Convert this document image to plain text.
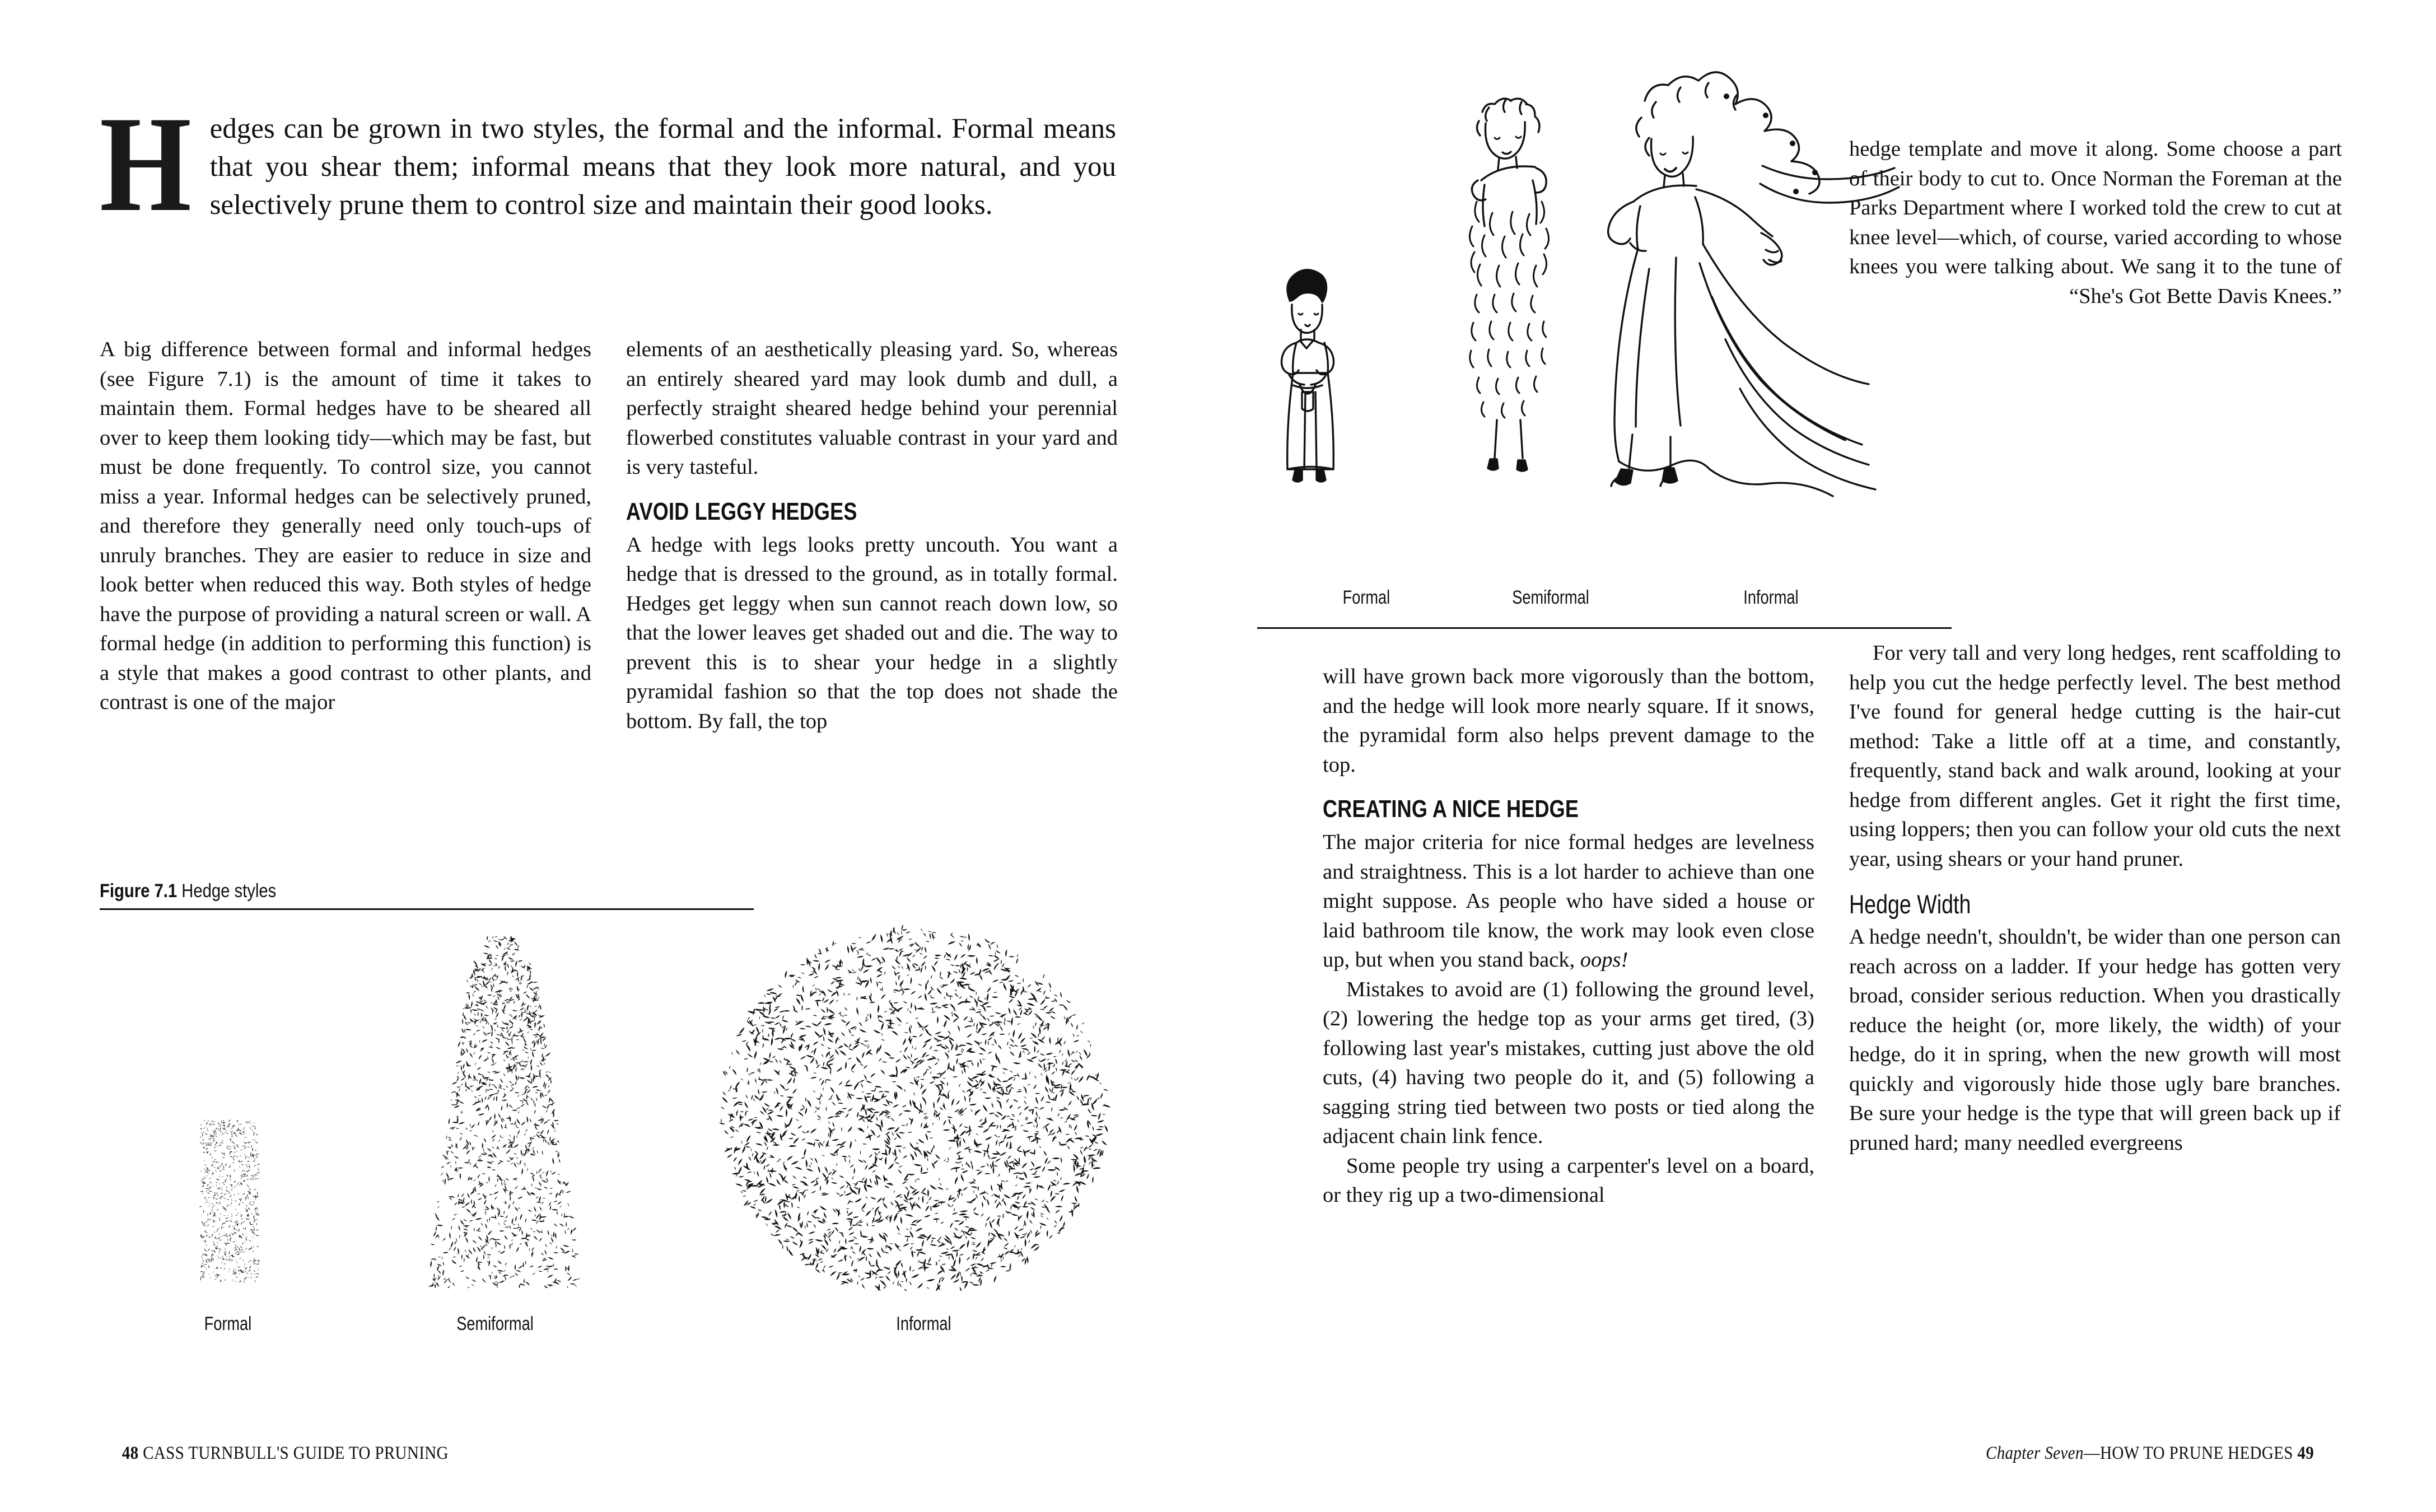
Hedges can be grown in two styles, the formal and the informal. Formal means that you shear them; informal means that they look more natural, and you selectively prune them to control size and maintain their good looks.

A big difference between formal and informal hedges (see Figure 7.1) is the amount of time it takes to maintain them. Formal hedges have to be sheared all over to keep them looking tidy—which may be fast, but must be done frequently. To control size, you cannot miss a year. Informal hedges can be selectively pruned, and therefore they generally need only touch-ups of unruly branches. They are easier to reduce in size and look better when reduced this way. Both styles of hedge have the purpose of providing a natural screen or wall. A formal hedge (in addition to performing this function) is a style that makes a good contrast to other plants, and contrast is one of the major

elements of an aesthetically pleasing yard. So, whereas an entirely sheared yard may look dumb and dull, a perfectly straight sheared hedge behind your perennial flowerbed constitutes valuable contrast in your yard and is very tasteful.

AVOID LEGGY HEDGES

A hedge with legs looks pretty uncouth. You want a hedge that is dressed to the ground, as in totally formal. Hedges get leggy when sun cannot reach down low, so that the lower leaves get shaded out and die. The way to prevent this is to shear your hedge in a slightly pyramidal fashion so that the top does not shade the bottom. By fall, the top

Figure 7.1 Hedge styles
Formal	Semiformal	Informal
48 CASS TURNBULL'S GUIDE TO PRUNING
Formal	Semiformal	Informal

hedge template and move it along. Some choose a part of their body to cut to. Once Norman the Foreman at the Parks Department where I worked told the crew to cut at knee level—which, of course, varied according to whose knees you were talking about. We sang it to the tune of “She's Got Bette Davis Knees.”

For very tall and very long hedges, rent scaffolding to help you cut the hedge perfectly level. The best method I've found for general hedge cutting is the hair-cut method: Take a little off at a time, and constantly, frequently, stand back and walk around, looking at your hedge from different angles. Get it right the first time, using loppers; then you can follow your old cuts the next year, using shears or your hand pruner.

Hedge Width

A hedge needn't, shouldn't, be wider than one person can reach across on a ladder. If your hedge has gotten very broad, consider serious reduction. When you drastically reduce the height (or, more likely, the width) of your hedge, do it in spring, when the new growth will most quickly and vigorously hide those ugly bare branches. Be sure your hedge is the type that will green back up if pruned hard; many needled evergreens

will have grown back more vigorously than the bottom, and the hedge will look more nearly square. If it snows, the pyramidal form also helps prevent damage to the top.

CREATING A NICE HEDGE

The major criteria for nice formal hedges are levelness and straightness. This is a lot harder to achieve than one might suppose. As people who have sided a house or laid bathroom tile know, the work may look even close up, but when you stand back, oops!

Mistakes to avoid are (1) following the ground level, (2) lowering the hedge top as your arms get tired, (3) following last year's mistakes, cutting just above the old cuts, (4) having two people do it, and (5) following a sagging string tied between two posts or tied along the adjacent chain link fence.

Some people try using a carpenter's level on a board, or they rig up a two-dimensional

Chapter Seven—HOW TO PRUNE HEDGES 49
